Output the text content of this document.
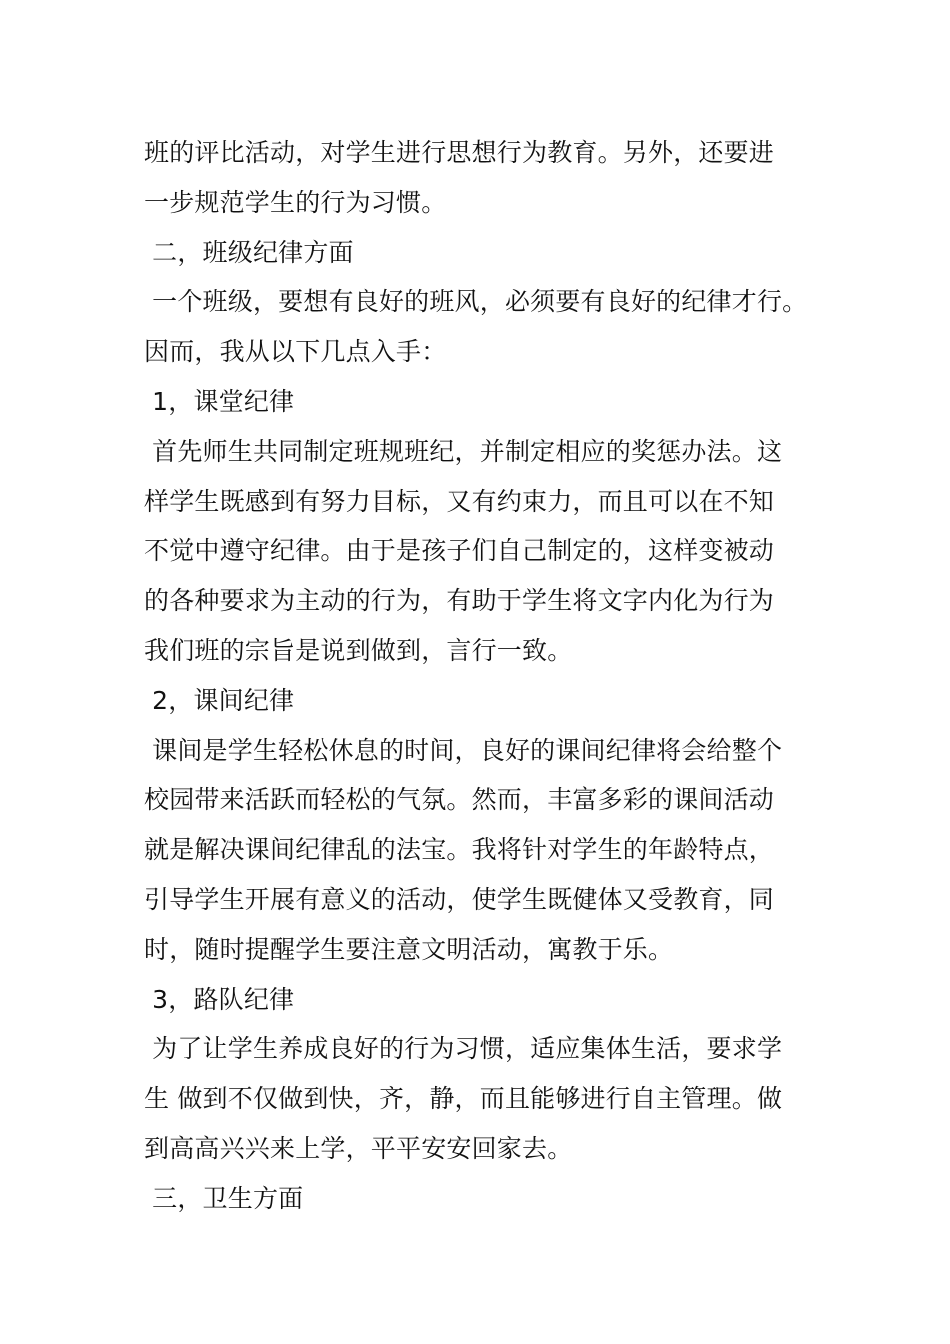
班的评比活动，对学生进行思想行为教育。另外，还要进
一步规范学生的行为习惯。
二，班级纪律方面
一个班级，要想有良好的班风，必须要有良好的纪律才行。
因而，我从以下几点入手：
1，课堂纪律
首先师生共同制定班规班纪，并制定相应的奖惩办法。这
样学生既感到有努力目标，又有约束力，而且可以在不知
不觉中遵守纪律。由于是孩子们自己制定的，这样变被动
的各种要求为主动的行为，有助于学生将文字内化为行为
我们班的宗旨是说到做到，言行一致。
2，课间纪律
课间是学生轻松休息的时间，良好的课间纪律将会给整个
校园带来活跃而轻松的气氛。然而，丰富多彩的课间活动
就是解决课间纪律乱的法宝。我将针对学生的年龄特点，
引导学生开展有意义的活动，使学生既健体又受教育，同
时，随时提醒学生要注意文明活动，寓教于乐。
3，路队纪律
为了让学生养成良好的行为习惯，适应集体生活，要求学
生 做到不仅做到快，齐，静，而且能够进行自主管理。做
到高高兴兴来上学，平平安安回家去。
三，卫生方面
